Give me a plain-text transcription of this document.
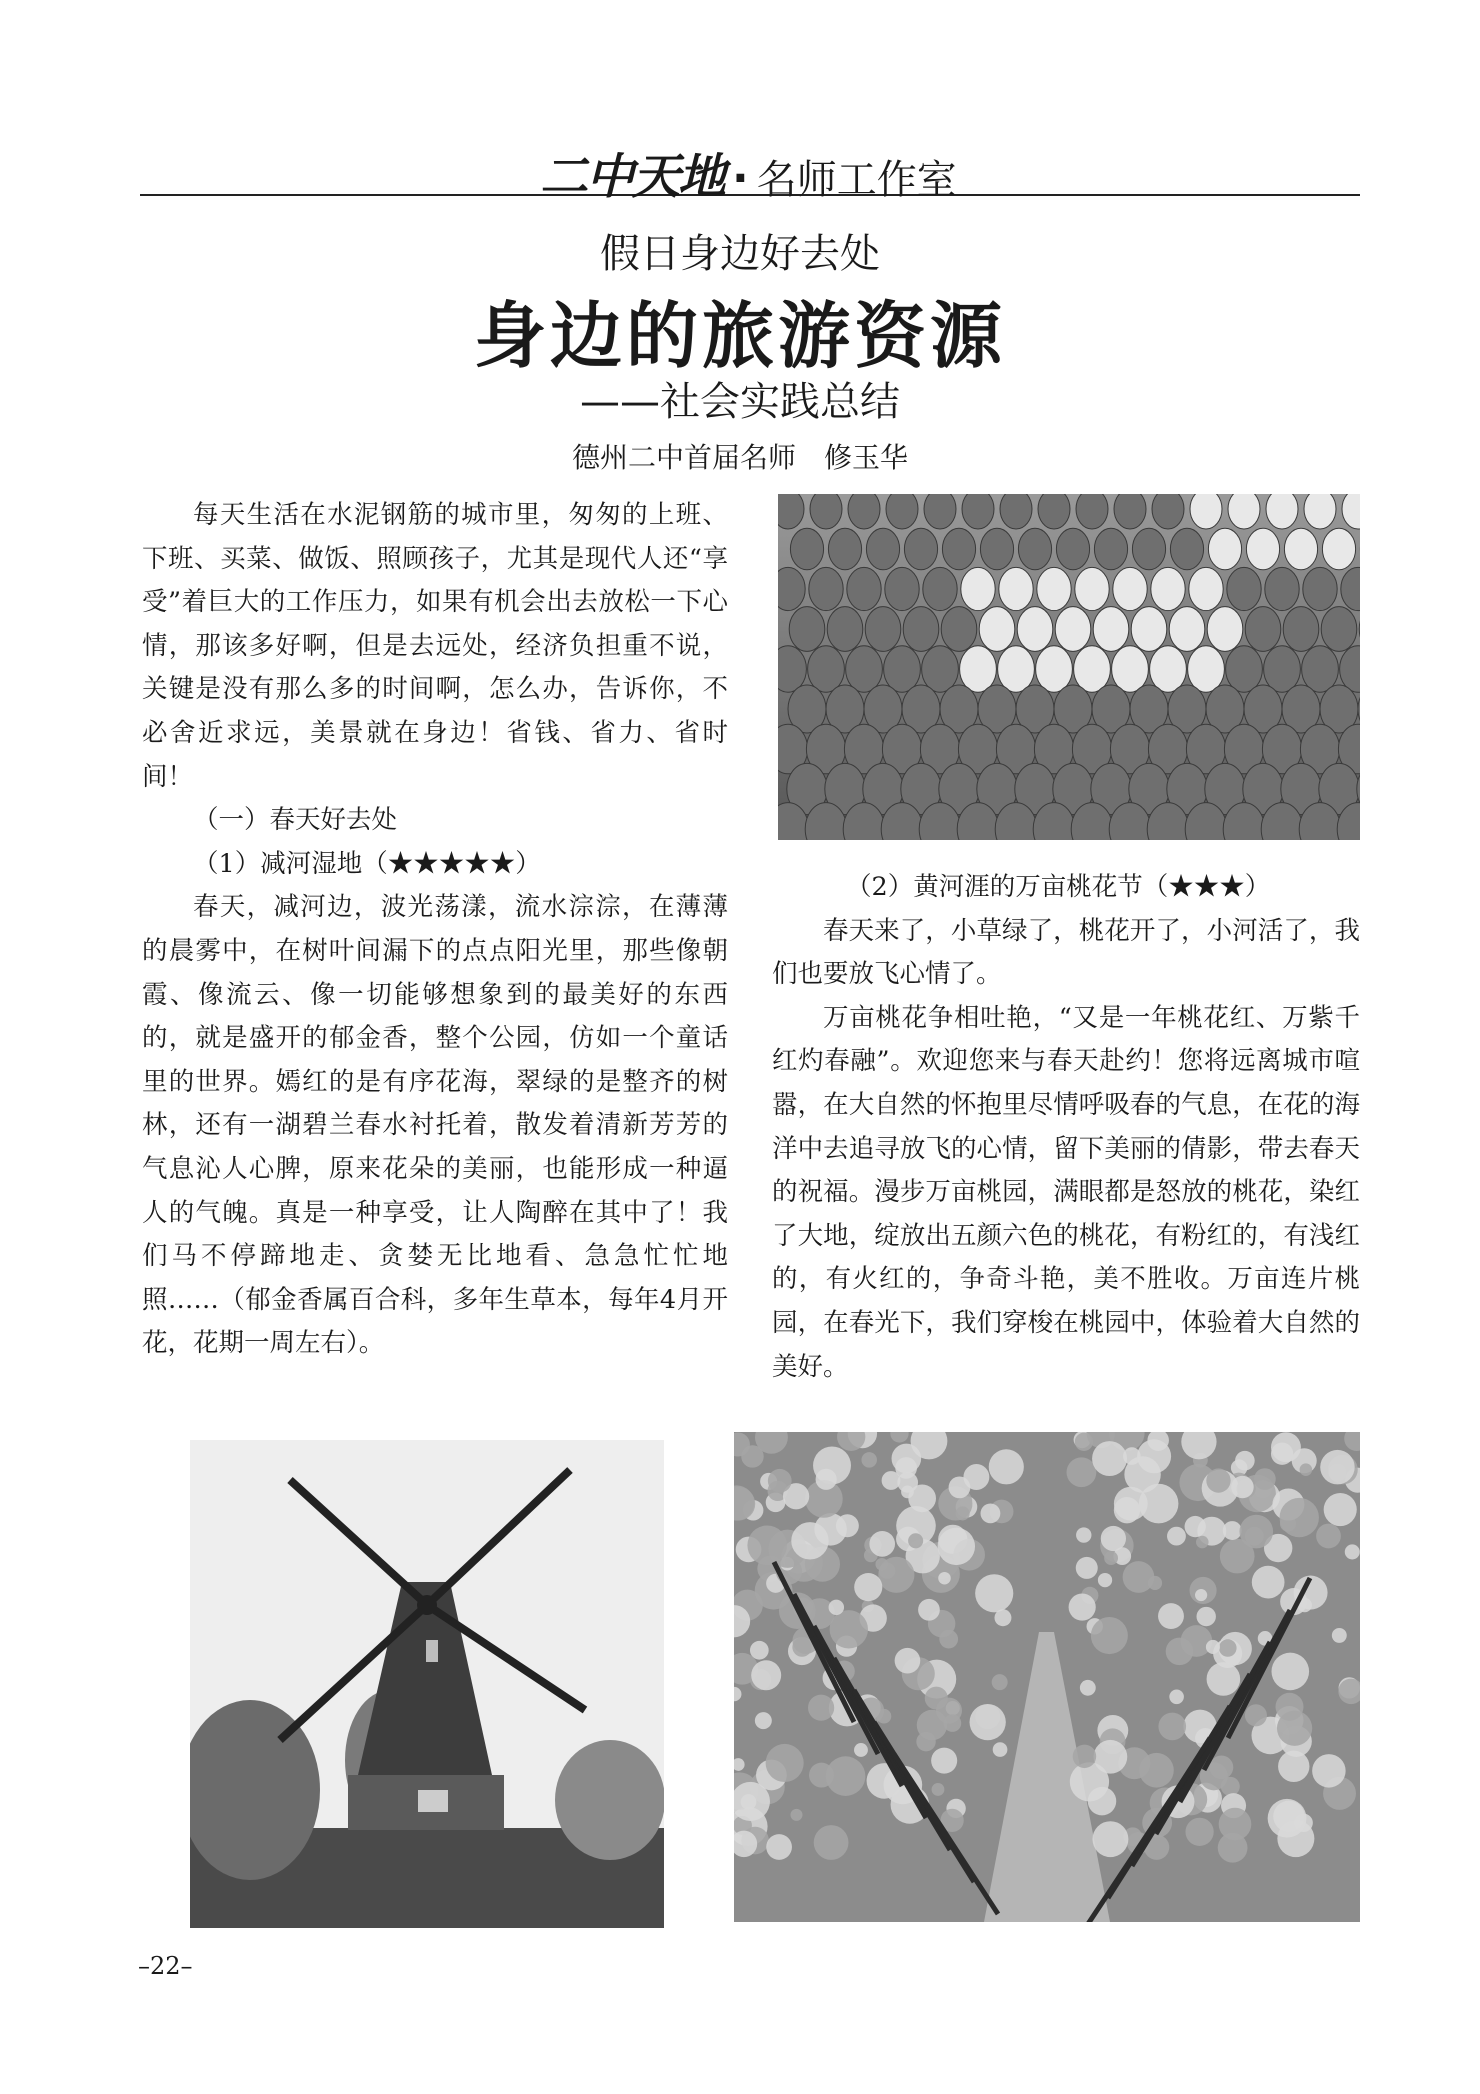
二中天地 · 名师工作室
假日身边好去处
身边的旅游资源
——社会实践总结
德州二中首届名师　修玉华

每天生活在水泥钢筋的城市里，匆匆的上班、下班、买菜、做饭、照顾孩子，尤其是现代人还“享受”着巨大的工作压力，如果有机会出去放松一下心情，那该多好啊，但是去远处，经济负担重不说，关键是没有那么多的时间啊，怎么办，告诉你，不必舍近求远，美景就在身边！省钱、省力、省时间！

（一）春天好去处

（1）减河湿地（★★★★★）

春天，减河边，波光荡漾，流水淙淙，在薄薄的晨雾中，在树叶间漏下的点点阳光里，那些像朝霞、像流云、像一切能够想象到的最美好的东西的，就是盛开的郁金香，整个公园，仿如一个童话里的世界。嫣红的是有序花海，翠绿的是整齐的树林，还有一湖碧兰春水衬托着，散发着清新芳芳的气息沁人心脾，原来花朵的美丽，也能形成一种逼人的气魄。真是一种享受，让人陶醉在其中了！我们马不停蹄地走、贪婪无比地看、急急忙忙地照……（郁金香属百合科，多年生草本，每年4月开花，花期一周左右）。

（2）黄河涯的万亩桃花节（★★★）

春天来了，小草绿了，桃花开了，小河活了，我们也要放飞心情了。

万亩桃花争相吐艳，“又是一年桃花红、万紫千红灼春融”。欢迎您来与春天赴约！您将远离城市喧嚣，在大自然的怀抱里尽情呼吸春的气息，在花的海洋中去追寻放飞的心情，留下美丽的倩影，带去春天的祝福。漫步万亩桃园，满眼都是怒放的桃花，染红了大地，绽放出五颜六色的桃花，有粉红的，有浅红的，有火红的，争奇斗艳，美不胜收。万亩连片桃园，在春光下，我们穿梭在桃园中，体验着大自然的美好。

–22–
